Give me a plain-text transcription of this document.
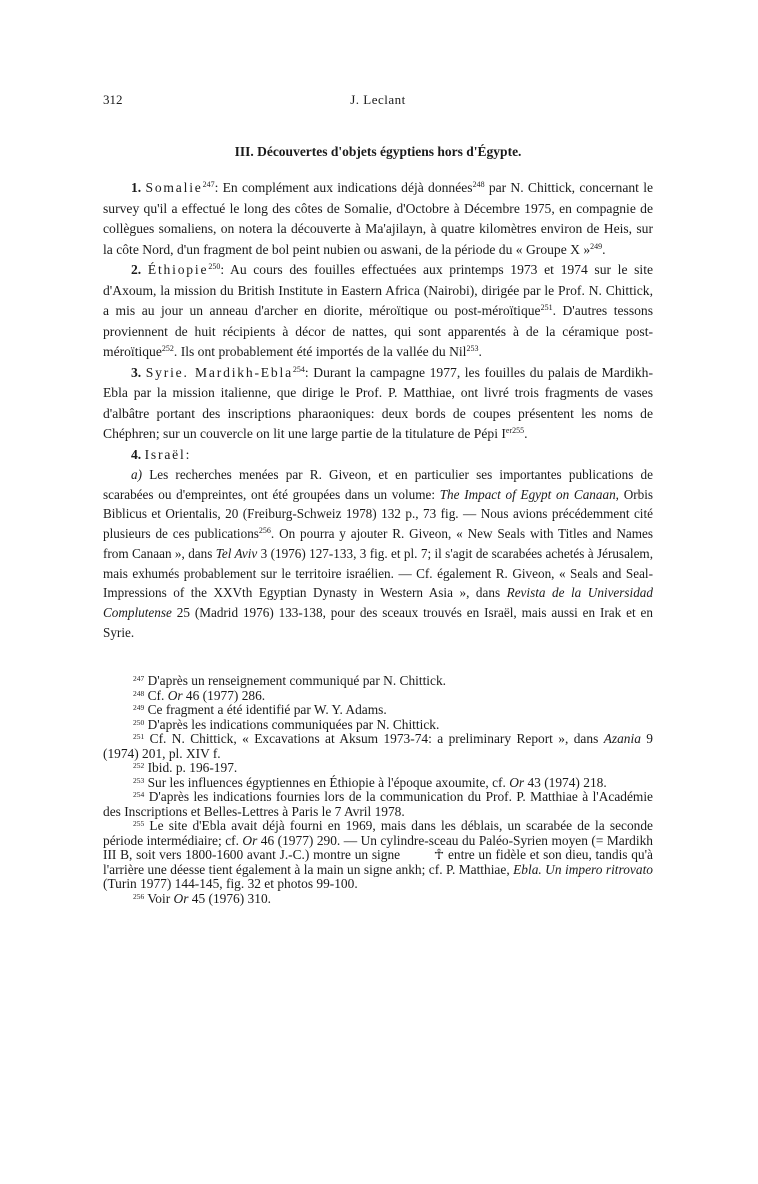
312	J. Leclant
III. Découvertes d'objets égyptiens hors d'Égypte.

1. Somalie$^{247}$: En complément aux indications déjà données$^{248}$ par N. Chittick, concernant le survey qu'il a effectué le long des côtes de Somalie, d'Octobre à Décembre 1975, en compagnie de collègues somaliens, on notera la découverte à Ma'ajilayn, à quatre kilomètres environ de Heis, sur la côte Nord, d'un fragment de bol peint nubien ou aswani, de la période du « Groupe X »$^{249}$.

2. Éthiopie$^{250}$: Au cours des fouilles effectuées aux printemps 1973 et 1974 sur le site d'Axoum, la mission du British Institute in Eastern Africa (Nairobi), dirigée par le Prof. N. Chittick, a mis au jour un anneau d'archer en diorite, méroïtique ou post-méroïtique$^{251}$. D'autres tessons proviennent de huit récipients à décor de nattes, qui sont apparentés à de la céramique post-méroïtique$^{252}$. Ils ont probablement été importés de la vallée du Nil$^{253}$.

3. Syrie. Mardikh-Ebla$^{254}$: Durant la campagne 1977, les fouilles du palais de Mardikh-Ebla par la mission italienne, que dirige le Prof. P. Matthiae, ont livré trois fragments de vases d'albâtre portant des inscriptions pharaoniques: deux bords de coupes présentent les noms de Chéphren; sur un couvercle on lit une large partie de la titulature de Pépi $I^{er255}$.

4. Israël:

a) Les recherches menées par R. Giveon, et en particulier ses importantes publications de scarabées ou d'empreintes, ont été groupées dans un volume: The Impact of Egypt on Canaan, Orbis Biblicus et Orientalis, 20 (Freiburg-Schweiz 1978) 132 p., 73 fig. — Nous avions précédemment cité plusieurs de ces publications$^{256}$. On pourra y ajouter R. Giveon, « New Seals with Titles and Names from Canaan », dans Tel Aviv 3 (1976) 127-133, 3 fig. et pl. 7; il s'agit de scarabées achetés à Jérusalem, mais exhumés probablement sur le territoire israélien. — Cf. également R. Giveon, « Seals and Seal-Impressions of the XXVth Egyptian Dynasty in Western Asia », dans Revista de la Universidad Complutense 25 (Madrid 1976) 133-138, pour des sceaux trouvés en Israël, mais aussi en Irak et en Syrie.

$^{247}$ D'après un renseignement communiqué par N. Chittick.

$^{248}$ Cf. Or 46 (1977) 286.

$^{249}$ Ce fragment a été identifié par W. Y. Adams.

$^{250}$ D'après les indications communiquées par N. Chittick.

$^{251}$ Cf. N. Chittick, « Excavations at Aksum 1973-74: a preliminary Report », dans Azania 9 (1974) 201, pl. XIV f.

$^{252}$ Ibid. p. 196-197.

$^{253}$ Sur les influences égyptiennes en Éthiopie à l'époque axoumite, cf. Or 43 (1974) 218.

$^{254}$ D'après les indications fournies lors de la communication du Prof. P. Matthiae à l'Académie des Inscriptions et Belles-Lettres à Paris le 7 Avril 1978.

$^{255}$ Le site d'Ebla avait déjà fourni en 1969, mais dans les déblais, un scarabée de la seconde période intermédiaire; cf. Or 46 (1977) 290. — Un cylindre-sceau du Paléo-Syrien moyen (= Mardikh III B, soit vers 1800-1600 avant J.-C.) montre un signe ☥ entre un fidèle et son dieu, tandis qu'à l'arrière une déesse tient également à la main un signe ankh; cf. P. Matthiae, Ebla. Un impero ritrovato (Turin 1977) 144-145, fig. 32 et photos 99-100.

$^{256}$ Voir Or 45 (1976) 310.
